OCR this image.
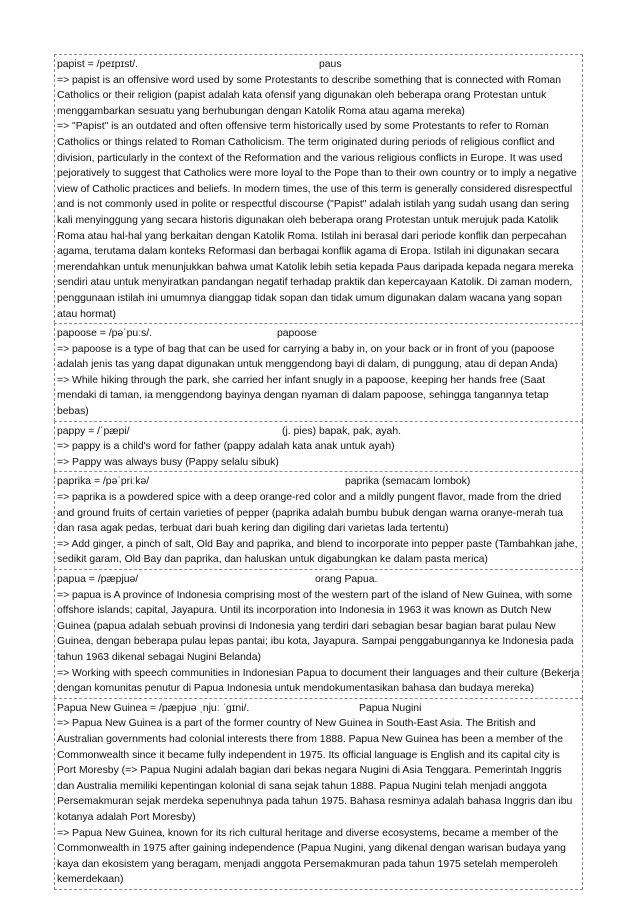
papist = /peɪpɪst/.	paus

=> papist is an offensive word used by some Protestants to describe something that is connected with Roman Catholics or their religion (papist adalah kata ofensif yang digunakan oleh beberapa orang Protestan untuk menggambarkan sesuatu yang berhubungan dengan Katolik Roma atau agama mereka)

=> "Papist" is an outdated and often offensive term historically used by some Protestants to refer to Roman Catholics or things related to Roman Catholicism. The term originated during periods of religious conflict and division, particularly in the context of the Reformation and the various religious conflicts in Europe. It was used pejoratively to suggest that Catholics were more loyal to the Pope than to their own country or to imply a negative view of Catholic practices and beliefs. In modern times, the use of this term is generally considered disrespectful and is not commonly used in polite or respectful discourse ("Papist" adalah istilah yang sudah usang dan sering kali menyinggung yang secara historis digunakan oleh beberapa orang Protestan untuk merujuk pada Katolik Roma atau hal-hal yang berkaitan dengan Katolik Roma. Istilah ini berasal dari periode konflik dan perpecahan agama, terutama dalam konteks Reformasi dan berbagai konflik agama di Eropa. Istilah ini digunakan secara merendahkan untuk menunjukkan bahwa umat Katolik lebih setia kepada Paus daripada kepada negara mereka sendiri atau untuk menyiratkan pandangan negatif terhadap praktik dan kepercayaan Katolik. Di zaman modern, penggunaan istilah ini umumnya dianggap tidak sopan dan tidak umum digunakan dalam wacana yang sopan atau hormat)

papoose = /pəˈpuːs/.	papoose

=> papoose is a type of bag that can be used for carrying a baby in, on your back or in front of you (papoose adalah jenis tas yang dapat digunakan untuk menggendong bayi di dalam, di punggung, atau di depan Anda)

=> While hiking through the park, she carried her infant snugly in a papoose, keeping her hands free (Saat mendaki di taman, ia menggendong bayinya dengan nyaman di dalam papoose, sehingga tangannya tetap bebas)

pappy = /ˈpæpi/	(j. pies) bapak, pak, ayah.

=> pappy is a child's word for father (pappy adalah kata anak untuk ayah)

=> Pappy was always busy (Pappy selalu sibuk)

paprika = /pəˈpriːkə/	paprika (semacam lombok)

=> paprika is a powdered spice with a deep orange-red color and a mildly pungent flavor, made from the dried and ground fruits of certain varieties of pepper (paprika adalah bumbu bubuk dengan warna oranye-merah tua dan rasa agak pedas, terbuat dari buah kering dan digiling dari varietas lada tertentu)

=> Add ginger, a pinch of salt, Old Bay and paprika, and blend to incorporate into pepper paste (Tambahkan jahe, sedikit garam, Old Bay dan paprika, dan haluskan untuk digabungkan ke dalam pasta merica)

papua = /pæpjuə/	orang Papua.

=> papua is A province of Indonesia comprising most of the western part of the island of New Guinea, with some offshore islands; capital, Jayapura. Until its incorporation into Indonesia in 1963 it was known as Dutch New Guinea (papua adalah sebuah provinsi di Indonesia yang terdiri dari sebagian besar bagian barat pulau New Guinea, dengan beberapa pulau lepas pantai; ibu kota, Jayapura. Sampai penggabungannya ke Indonesia pada tahun 1963 dikenal sebagai Nugini Belanda)

=> Working with speech communities in Indonesian Papua to document their languages and their culture (Bekerja dengan komunitas penutur di Papua Indonesia untuk mendokumentasikan bahasa dan budaya mereka)

Papua New Guinea = /pæpjuə ˌnjuː ˈɡɪni/.	Papua Nugini

=> Papua New Guinea is a part of the former country of New Guinea in South-East Asia. The British and Australian governments had colonial interests there from 1888. Papua New Guinea has been a member of the Commonwealth since it became fully independent in 1975. Its official language is English and its capital city is Port Moresby (=> Papua Nugini adalah bagian dari bekas negara Nugini di Asia Tenggara. Pemerintah Inggris dan Australia memiliki kepentingan kolonial di sana sejak tahun 1888. Papua Nugini telah menjadi anggota Persemakmuran sejak merdeka sepenuhnya pada tahun 1975. Bahasa resminya adalah bahasa Inggris dan ibu kotanya adalah Port Moresby)

=> Papua New Guinea, known for its rich cultural heritage and diverse ecosystems, became a member of the Commonwealth in 1975 after gaining independence (Papua Nugini, yang dikenal dengan warisan budaya yang kaya dan ekosistem yang beragam, menjadi anggota Persemakmuran pada tahun 1975 setelah memperoleh kemerdekaan)
